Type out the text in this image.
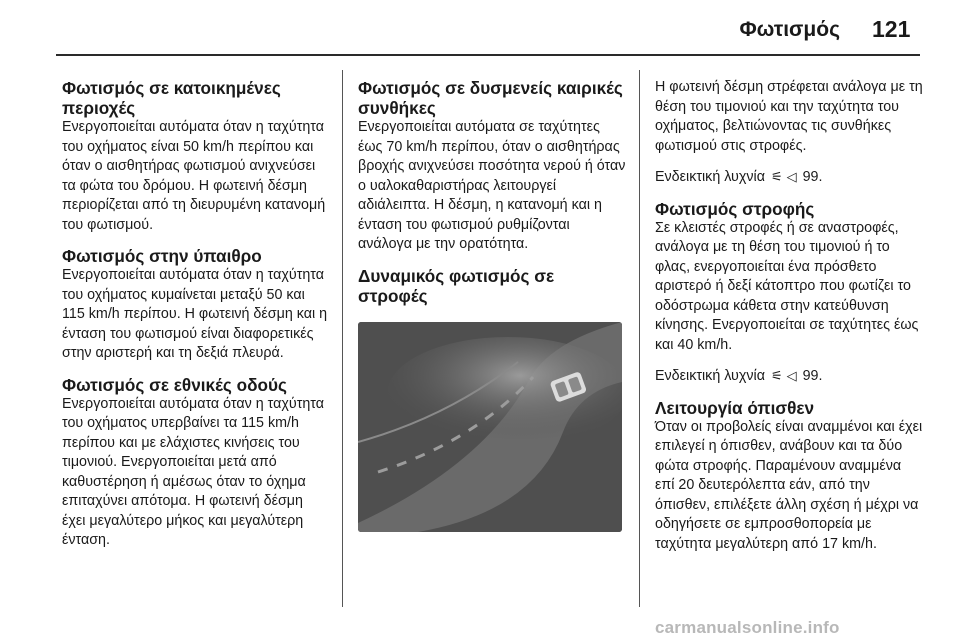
Φωτισμός 121
Φωτισμός σε κατοικημένες περιοχές

Ενεργοποιείται αυτόματα όταν η ταχύτητα του οχήματος είναι 50 km/h περίπου και όταν ο αισθητήρας φωτισμού ανιχνεύσει τα φώτα του δρόμου. Η φωτεινή δέσμη περιορίζεται από τη διευρυμένη κατανομή του φωτισμού.

Φωτισμός στην ύπαιθρο

Ενεργοποιείται αυτόματα όταν η ταχύτητα του οχήματος κυμαίνεται μεταξύ 50 και 115 km/h περίπου. Η φωτεινή δέσμη και η ένταση του φωτισμού είναι διαφορετικές στην αριστερή και τη δεξιά πλευρά.

Φωτισμός σε εθνικές οδούς

Ενεργοποιείται αυτόματα όταν η ταχύτητα του οχήματος υπερβαίνει τα 115 km/h περίπου και με ελάχιστες κινήσεις του τιμονιού. Ενεργοποιείται μετά από καθυστέρηση ή αμέσως όταν το όχημα επιταχύνει απότομα. Η φωτεινή δέσμη έχει μεγαλύτερο μήκος και μεγαλύτερη ένταση.

Φωτισμός σε δυσμενείς καιρικές συνθήκες

Ενεργοποιείται αυτόματα σε ταχύτητες έως 70 km/h περίπου, όταν ο αισθητήρας βροχής ανιχνεύσει ποσότητα νερού ή όταν ο υαλοκαθαριστήρας λειτουργεί αδιάλειπτα. Η δέσμη, η κατανομή και η ένταση του φωτισμού ρυθμίζονται ανάλογα με την ορατότητα.

Δυναμικός φωτισμός σε στροφές

Η φωτεινή δέσμη στρέφεται ανάλογα με τη θέση του τιμονιού και την ταχύτητα του οχήματος, βελτιώνοντας τις συνθήκες φωτισμού στις στροφές.

Ενδεικτική λυχνία ⚟ ◁ 99.

Φωτισμός στροφής

Σε κλειστές στροφές ή σε αναστροφές, ανάλογα με τη θέση του τιμονιού ή το φλας, ενεργοποιείται ένα πρόσθετο αριστερό ή δεξί κάτοπτρο που φωτίζει το οδόστρωμα κάθετα στην κατεύθυνση κίνησης. Ενεργοποιείται σε ταχύτητες έως και 40 km/h.

Ενδεικτική λυχνία ⚟ ◁ 99.

Λειτουργία όπισθεν

Όταν οι προβολείς είναι αναμμένοι και έχει επιλεγεί η όπισθεν, ανάβουν και τα δύο φώτα στροφής. Παραμένουν αναμμένα επί 20 δευτερόλεπτα εάν, από την όπισθεν, επιλέξετε άλλη σχέση ή μέχρι να οδηγήσετε σε εμπροσθοπορεία με ταχύτητα μεγαλύτερη από 17 km/h.

carmanualsonline.info
